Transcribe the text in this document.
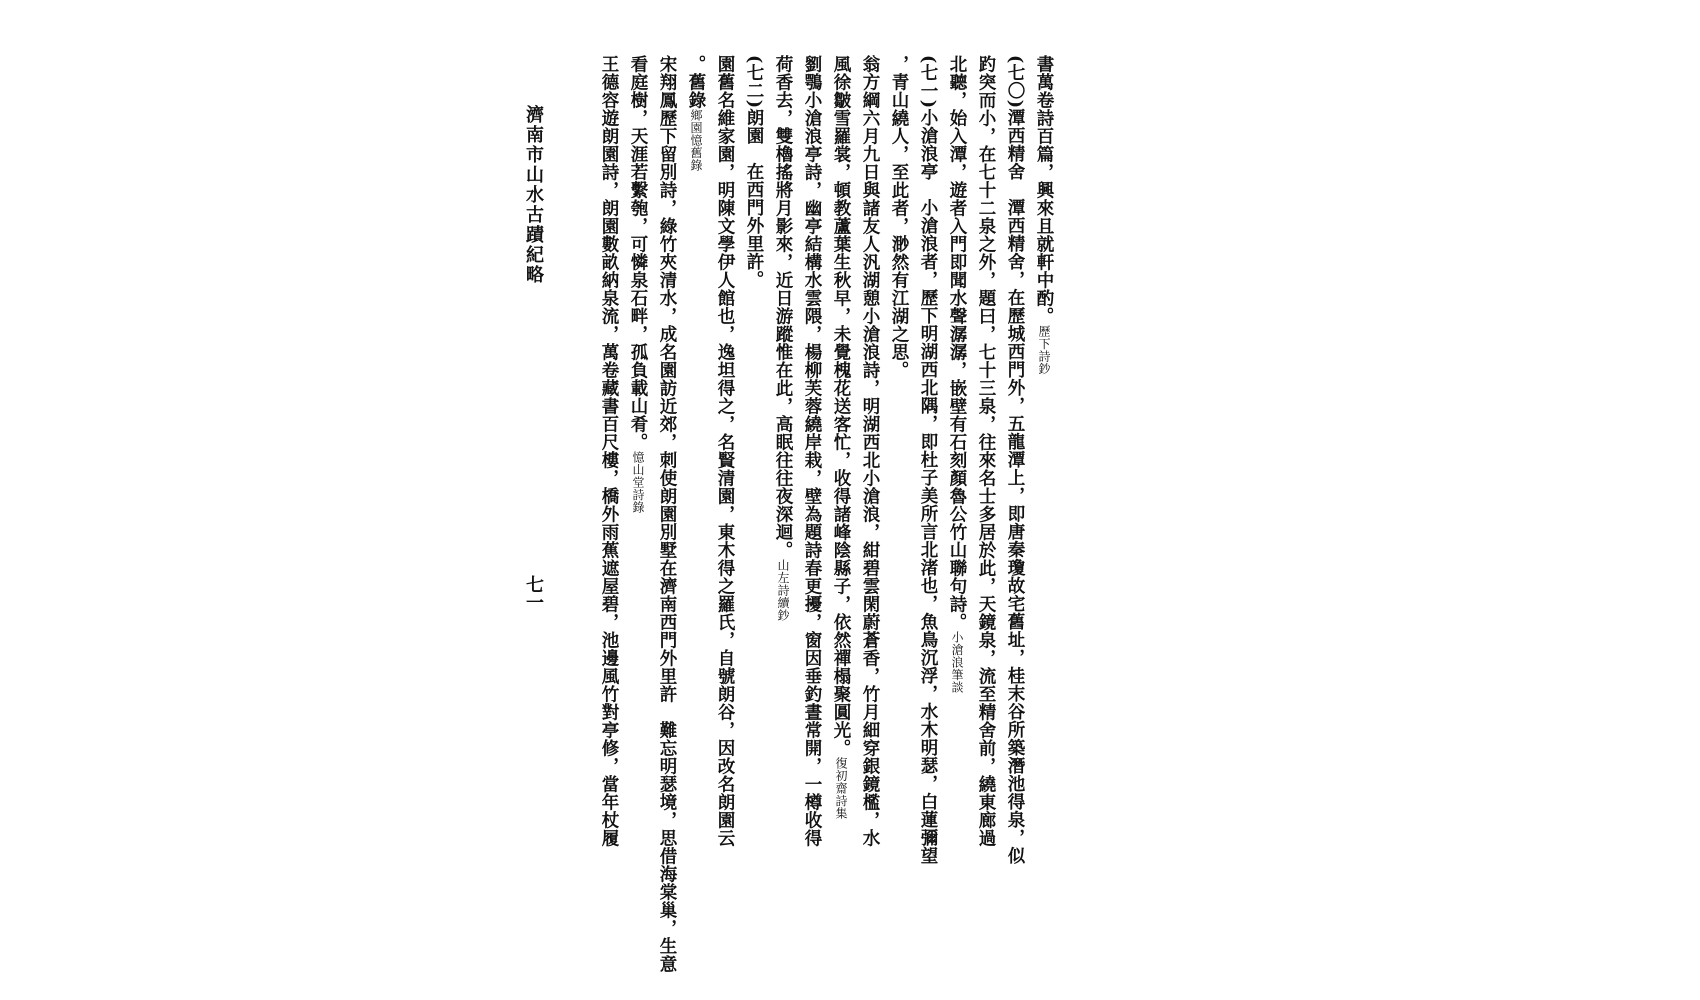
書萬卷詩百篇，興來且就軒中酌。歷下詩鈔
(七〇)潭西精舍　潭西精舍，在歷城西門外，五龍潭上，即唐秦瓊故宅舊址，桂末谷所築潛池得泉，似
趵突而小，在七十二泉之外，題曰，七十三泉，往來名士多居於此，天鏡泉，流至精舍前，繞東廊過
北聽，始入潭，遊者入門即聞水聲潺潺，嵌壁有石刻顏魯公竹山聯句詩。小滄浪筆談
(七一)小滄浪亭　小滄浪者，歷下明湖西北隅，即杜子美所言北渚也，魚鳥沉浮，水木明瑟，白蓮彌望
，青山繞人，至此者，渺然有江湖之思。
翁方綱六月九日與諸友人汎湖憩小滄浪詩，明湖西北小滄浪，紺碧雲閑蔚蒼香，竹月細穿銀鏡檻，水
風徐皺雪羅裳，頓教蘆葉生秋早，未覺槐花送客忙，收得諸峰陰縣子，依然禪榻聚圓光。復初齋詩集
劉鶚小滄浪亭詩，幽亭結構水雲隈，楊柳芙蓉繞岸栽，壁為題詩春更擾，窗因垂釣晝常開，一樽收得
荷香去，雙櫓搖將月影來，近日游蹤惟在此，高眠往往夜深迴。山左詩續鈔
(七二)朗園　在西門外里許。
園舊名維家園，明陳文學伊人館也，逸坦得之，名賢清園，東木得之羅氏，自號朗谷，因改名朗園云
。舊錄鄉園憶舊錄
宋翔鳳歷下留別詩，綠竹夾清水，成名園訪近郊，刺使朗園別墅在濟南西門外里許　難忘明瑟境，思借海棠巢，生意
看庭樹，天涯若繫匏，可憐泉石畔，孤負載山肴。憶山堂詩錄
王德容遊朗園詩，朗園數畝納泉流，萬卷藏書百尺樓，橋外雨蕉遮屋碧，池邊風竹對亭修，當年杖履
濟南市山水古蹟紀略
七一
